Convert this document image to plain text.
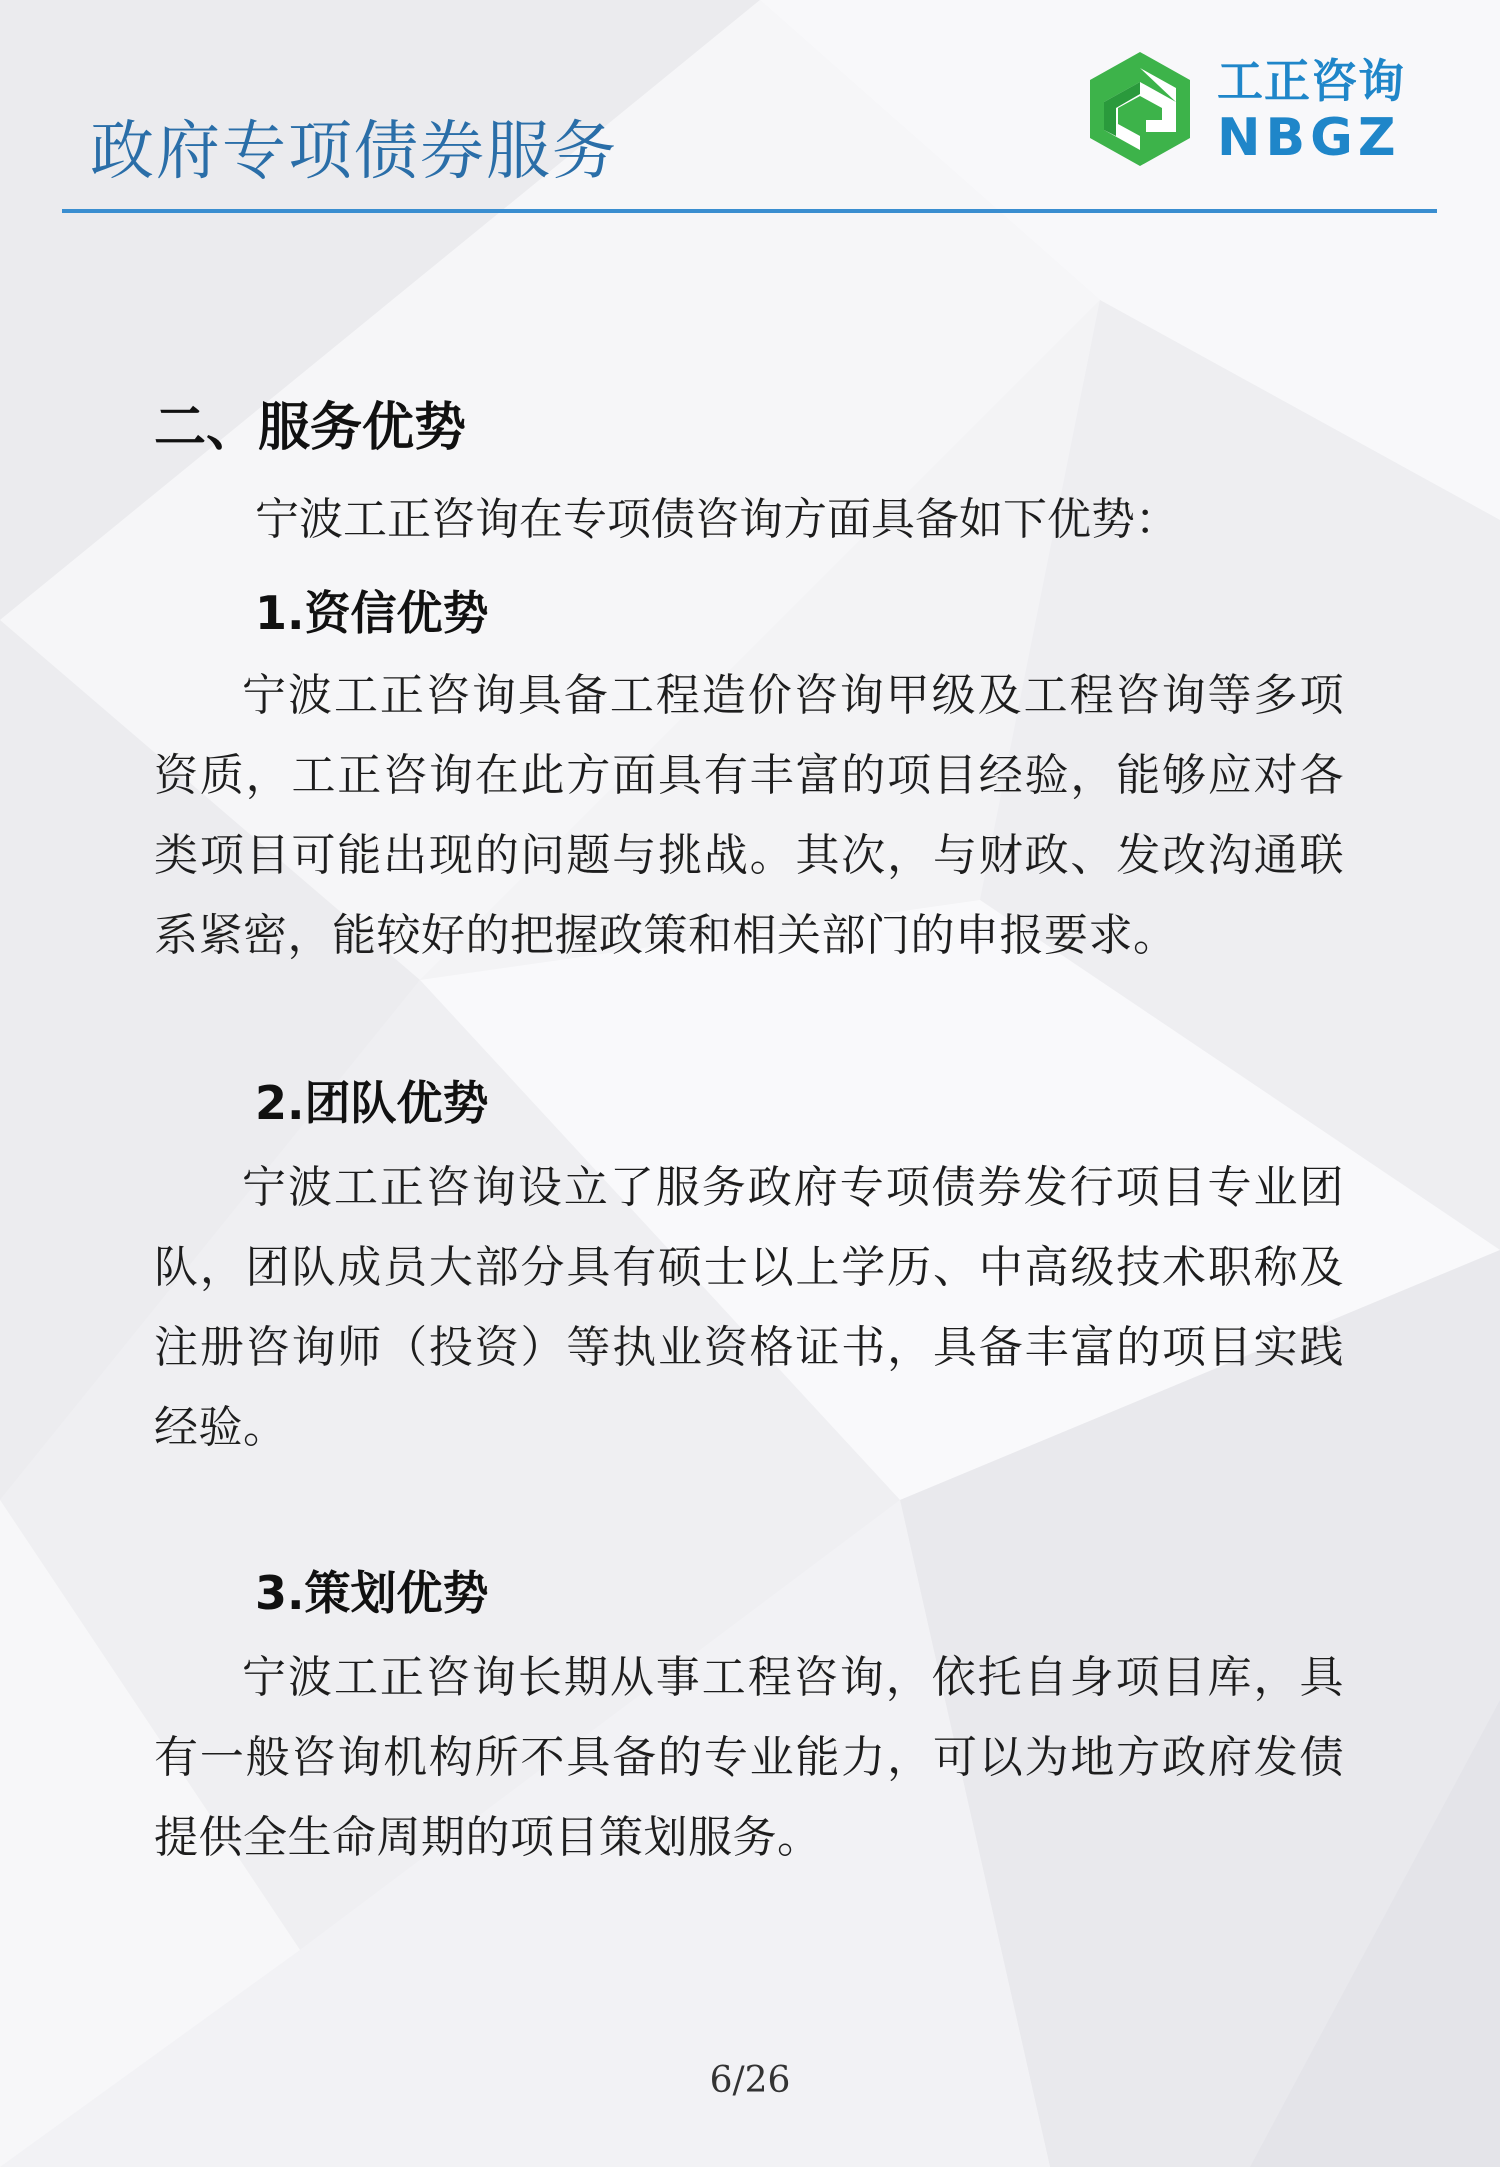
政府专项债券服务
工正咨询
NBGZ
二、服务优势
宁波工正咨询在专项债咨询方面具备如下优势：
1.资信优势
宁波工正咨询具备工程造价咨询甲级及工程咨询等多项资质，工正咨询在此方面具有丰富的项目经验，能够应对各类项目可能出现的问题与挑战。其次，与财政、发改沟通联系紧密，能较好的把握政策和相关部门的申报要求。
2.团队优势
宁波工正咨询设立了服务政府专项债券发行项目专业团队，团队成员大部分具有硕士以上学历、中高级技术职称及注册咨询师（投资）等执业资格证书，具备丰富的项目实践经验。
3.策划优势
宁波工正咨询长期从事工程咨询，依托自身项目库，具有一般咨询机构所不具备的专业能力，可以为地方政府发债提供全生命周期的项目策划服务。
6/26
